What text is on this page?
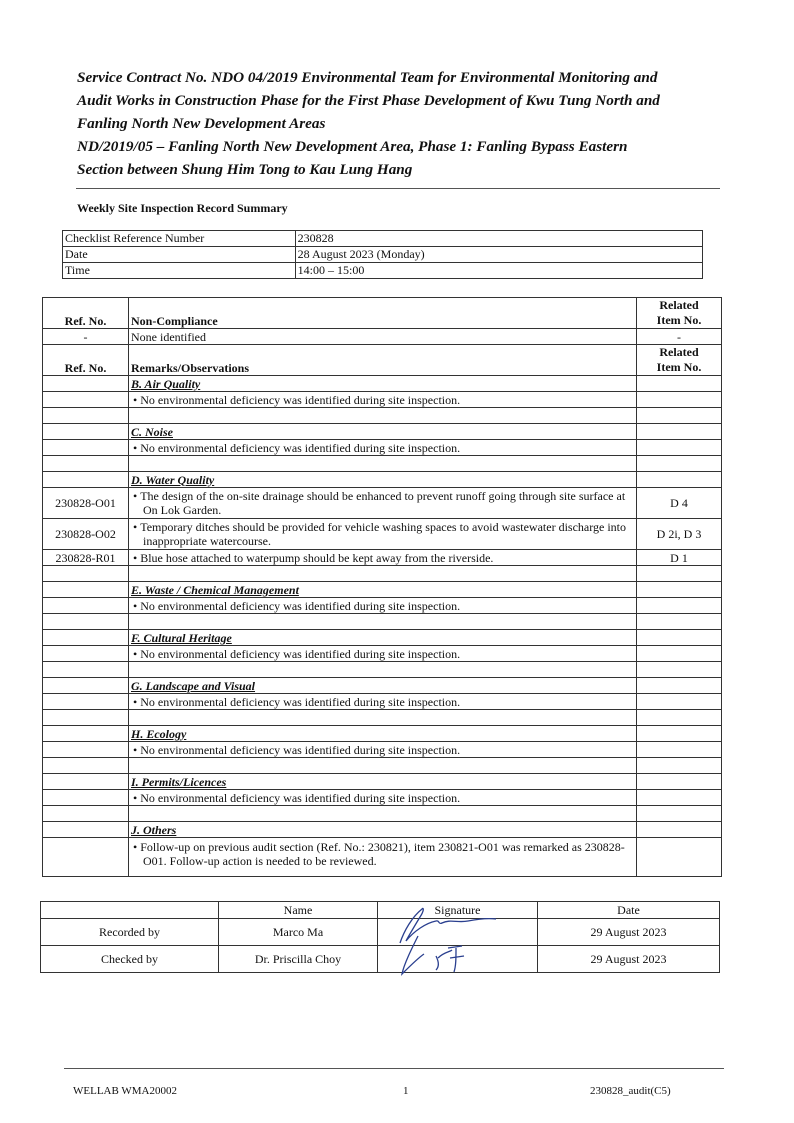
Service Contract No. NDO 04/2019 Environmental Team for Environmental Monitoring and

Audit Works in Construction Phase for the First Phase Development of Kwu Tung North and

Fanling North New Development Areas

ND/2019/05 – Fanling North New Development Area, Phase 1: Fanling Bypass Eastern

Section between Shung Him Tong to Kau Lung Hang

Weekly Site Inspection Record Summary
Checklist Reference Number	230828
Date	28 August 2023 (Monday)
Time	14:00 – 15:00
Ref. No.	Non-Compliance	Related
Item No.
-	None identified	-
Ref. No.	Remarks/Observations	Related
Item No.
	B. Air Quality	
	• No environmental deficiency was identified during site inspection.	

	C. Noise	
	• No environmental deficiency was identified during site inspection.	

	D. Water Quality	
230828-O01	• The design of the on-site drainage should be enhanced to prevent runoff going through site surface at On Lok Garden.	D 4
230828-O02	• Temporary ditches should be provided for vehicle washing spaces to avoid wastewater discharge into inappropriate watercourse.	D 2i, D 3
230828-R01	• Blue hose attached to waterpump should be kept away from the riverside.	D 1

	E. Waste / Chemical Management	
	• No environmental deficiency was identified during site inspection.	

	F. Cultural Heritage	
	• No environmental deficiency was identified during site inspection.	

	G. Landscape and Visual	
	• No environmental deficiency was identified during site inspection.	

	H. Ecology	
	• No environmental deficiency was identified during site inspection.	

	I. Permits/Licences	
	• No environmental deficiency was identified during site inspection.	

	J. Others	
	• Follow-up on previous audit section (Ref. No.: 230821), item 230821-O01 was remarked as 230828-O01. Follow-up action is needed to be reviewed.	
	Name	Signature	Date
Recorded by	Marco Ma		29 August 2023
Checked by	Dr. Priscilla Choy		29 August 2023
WELLAB WMA20002	1	230828_audit(C5)
